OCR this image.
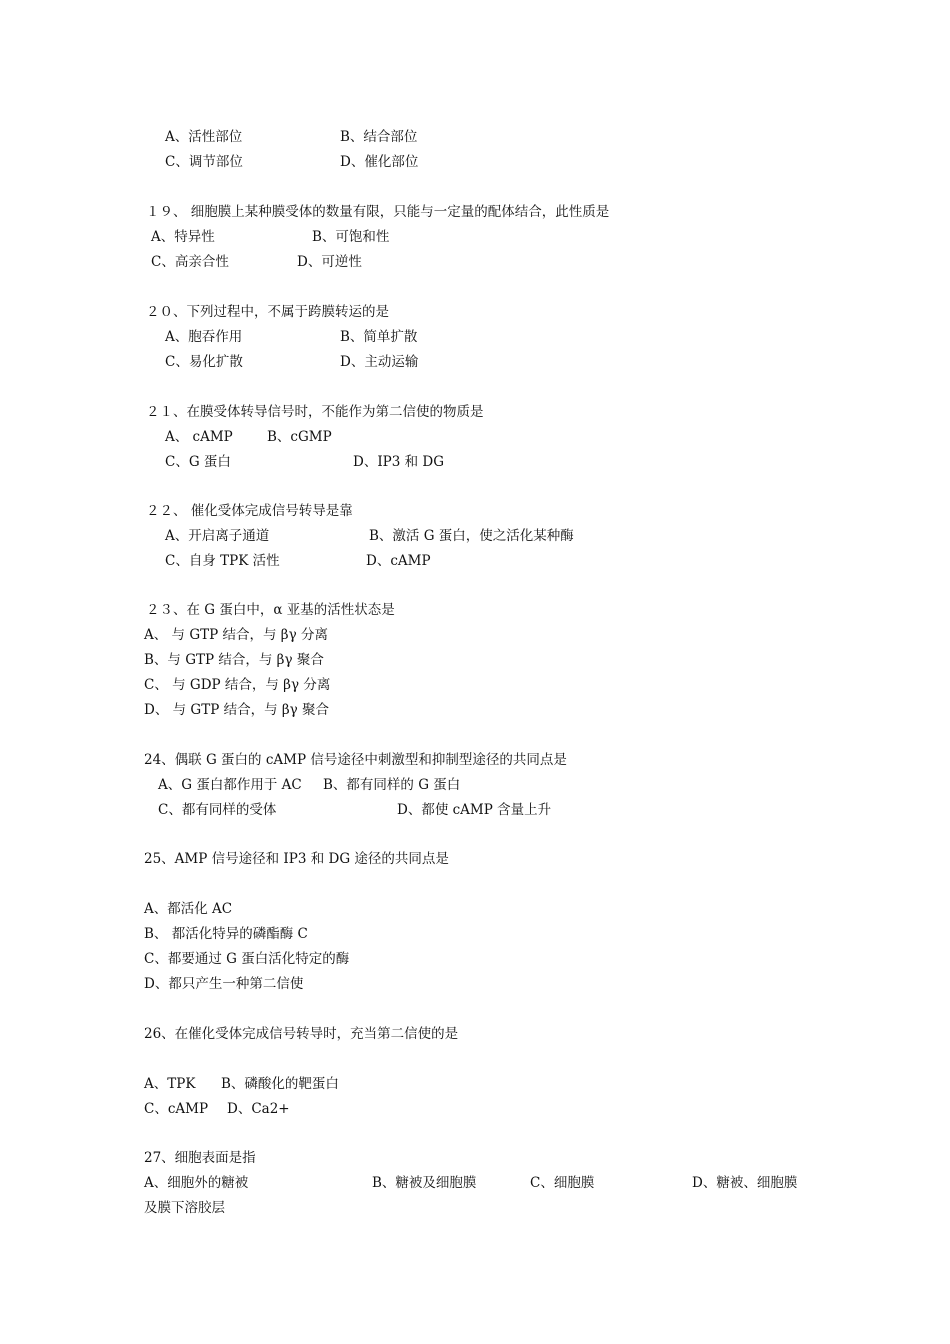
A、活性部位	B、结合部位
C、调节部位	D、催化部位
１９、 细胞膜上某种膜受体的数量有限，只能与一定量的配体结合，此性质是
A、特异性	B、可饱和性
C、高亲合性	D、可逆性
２０、下列过程中，不属于跨膜转运的是
A、胞吞作用	B、简单扩散
C、易化扩散	D、主动运输
２１、在膜受体转导信号时，不能作为第二信使的物质是
A、 cAMP	B、cGMP
C、G 蛋白	D、IP3 和 DG
２２、 催化受体完成信号转导是靠
A、开启离子通道	B、激活 G 蛋白，使之活化某种酶
C、自身 TPK 活性	D、cAMP
２３、在 G 蛋白中，α 亚基的活性状态是
A、 与 GTP 结合，与 βγ 分离
B、与 GTP 结合，与 βγ 聚合
C、 与 GDP 结合，与 βγ 分离
D、 与 GTP 结合，与 βγ 聚合
24、偶联 G 蛋白的 cAMP 信号途径中刺激型和抑制型途径的共同点是
A、G 蛋白都作用于 AC B、都有同样的 G 蛋白
C、都有同样的受体	D、都使 cAMP 含量上升
25、AMP 信号途径和 IP3 和 DG 途径的共同点是
A、都活化 AC
B、 都活化特异的磷酯酶 C
C、都要通过 G 蛋白活化特定的酶
D、都只产生一种第二信使
26、在催化受体完成信号转导时，充当第二信使的是
A、TPK B、磷酸化的靶蛋白
C、cAMP D、Ca2+
27、细胞表面是指
A、细胞外的糖被	B、糖被及细胞膜	C、细胞膜	D、糖被、细胞膜
及膜下溶胶层
